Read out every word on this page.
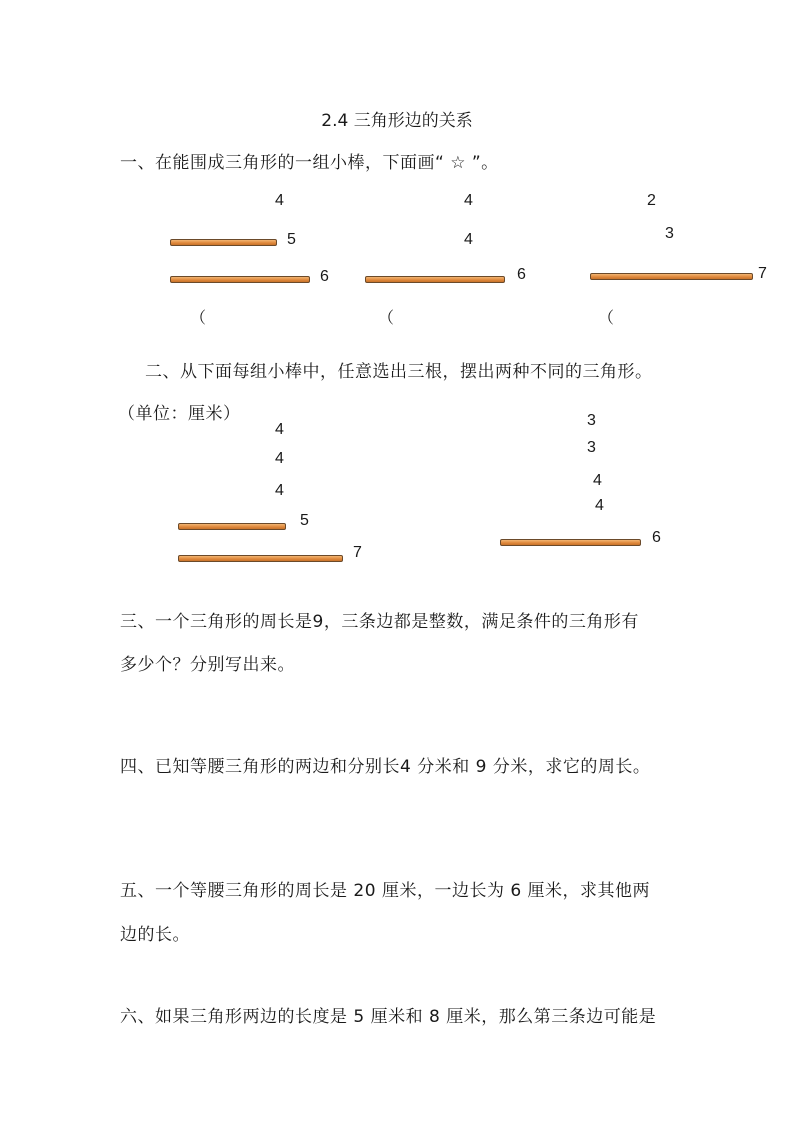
2.4 三角形边的关系
一、在能围成三角形的一组小棒，下面画“ ☆ ”。
4
5
6
（
4
4
6
（
2
3
7
（
二、从下面每组小棒中，任意选出三根，摆出两种不同的三角形。
（单位：厘米）
4
4
4
5
7
3
3
4
4
6
三、一个三角形的周长是9，三条边都是整数，满足条件的三角形有
多少个？分别写出来。
四、已知等腰三角形的两边和分别长4 分米和 9 分米，求它的周长。
五、一个等腰三角形的周长是 20 厘米，一边长为 6 厘米，求其他两
边的长。
六、如果三角形两边的长度是 5 厘米和 8 厘米，那么第三条边可能是
